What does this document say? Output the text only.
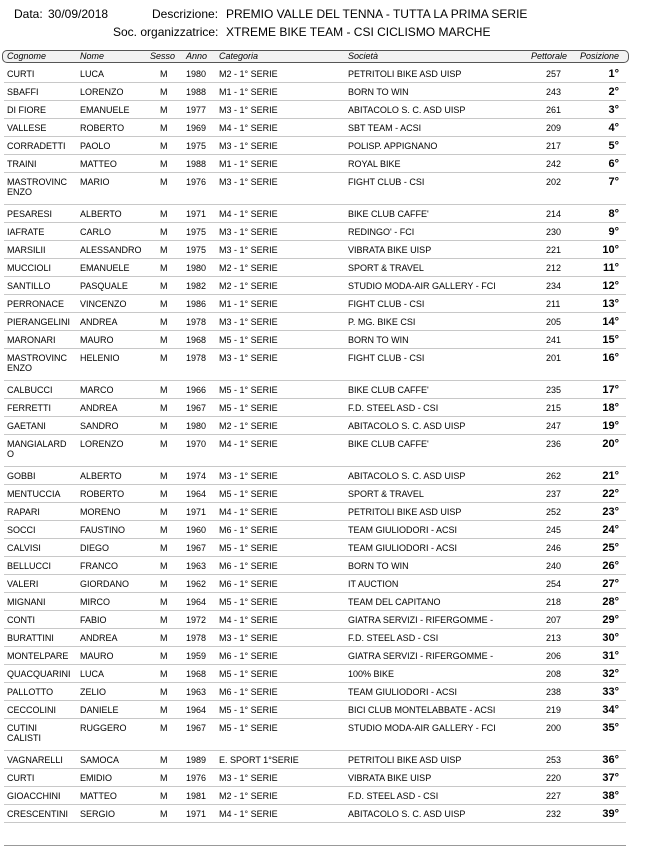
Data: 30/09/2018	Descrizione: PREMIO VALLE DEL TENNA - TUTTA LA PRIMA SERIE
Soc. organizzatrice: XTREME BIKE TEAM - CSI CICLISMO MARCHE
Cognome	Nome	Sesso Anno Categoria	Società	Pettorale Posizione
CURTI	LUCA	M 1980 M2 - 1° SERIE	PETRITOLI BIKE ASD UISP	257	1°
SBAFFI	LORENZO	M 1988 M1 - 1° SERIE	BORN TO WIN	243	2°
DI FIORE	EMANUELE	M 1977 M3 - 1° SERIE	ABITACOLO S. C. ASD UISP	261	3°
VALLESE	ROBERTO	M 1969 M4 - 1° SERIE	SBT TEAM - ACSI	209	4°
CORRADETTI PAOLO	M 1975 M3 - 1° SERIE	POLISP. APPIGNANO	217	5°
TRAINI	MATTEO	M 1988 M1 - 1° SERIE	ROYAL BIKE	242	6°
MASTROVINC MARIO	M 1976 M3 - 1° SERIE	FIGHT CLUB - CSI	202	7°
ENZO
PESARESI	ALBERTO	M 1971 M4 - 1° SERIE	BIKE CLUB CAFFE'	214	8°
IAFRATE	CARLO	M 1975 M3 - 1° SERIE	REDINGO' - FCI	230	9°
MARSILII	ALESSANDRO M 1975 M3 - 1° SERIE	VIBRATA BIKE UISP	221	10°
MUCCIOLI	EMANUELE	M 1980 M2 - 1° SERIE	SPORT & TRAVEL	212	11°
SANTILLO	PASQUALE	M 1982 M2 - 1° SERIE	STUDIO MODA-AIR GALLERY - FCI	234	12°
PERRONACE VINCENZO	M 1986 M1 - 1° SERIE	FIGHT CLUB - CSI	211	13°
PIERANGELINI ANDREA	M 1978 M3 - 1° SERIE	P. MG. BIKE CSI	205	14°
MARONARI	MAURO	M 1968 M5 - 1° SERIE	BORN TO WIN	241	15°
MASTROVINC HELENIO	M 1978 M3 - 1° SERIE	FIGHT CLUB - CSI	201	16°
ENZO
CALBUCCI	MARCO	M 1966 M5 - 1° SERIE	BIKE CLUB CAFFE'	235	17°
FERRETTI	ANDREA	M 1967 M5 - 1° SERIE	F.D. STEEL ASD - CSI	215	18°
GAETANI	SANDRO	M 1980 M2 - 1° SERIE	ABITACOLO S. C. ASD UISP	247	19°
MANGIALARD LORENZO	M 1970 M4 - 1° SERIE	BIKE CLUB CAFFE'	236	20°
O
GOBBI	ALBERTO	M 1974 M3 - 1° SERIE	ABITACOLO S. C. ASD UISP	262	21°
MENTUCCIA ROBERTO	M 1964 M5 - 1° SERIE	SPORT & TRAVEL	237	22°
RAPARI	MORENO	M 1971 M4 - 1° SERIE	PETRITOLI BIKE ASD UISP	252	23°
SOCCI	FAUSTINO	M 1960 M6 - 1° SERIE	TEAM GIULIODORI - ACSI	245	24°
CALVISI	DIEGO	M 1967 M5 - 1° SERIE	TEAM GIULIODORI - ACSI	246	25°
BELLUCCI	FRANCO	M 1963 M6 - 1° SERIE	BORN TO WIN	240	26°
VALERI	GIORDANO	M 1962 M6 - 1° SERIE	IT AUCTION	254	27°
MIGNANI	MIRCO	M 1964 M5 - 1° SERIE	TEAM DEL CAPITANO	218	28°
CONTI	FABIO	M 1972 M4 - 1° SERIE	GIATRA SERVIZI - RIFERGOMME -	207	29°
BURATTINI	ANDREA	M 1978 M3 - 1° SERIE	F.D. STEEL ASD - CSI	213	30°
MONTELPARE MAURO	M 1959 M6 - 1° SERIE	GIATRA SERVIZI - RIFERGOMME -	206	31°
QUACQUARINI LUCA	M 1968 M5 - 1° SERIE	100% BIKE	208	32°
PALLOTTO	ZELIO	M 1963 M6 - 1° SERIE	TEAM GIULIODORI - ACSI	238	33°
CECCOLINI	DANIELE	M 1964 M5 - 1° SERIE	BICI CLUB MONTELABBATE - ACSI	219	34°
CUTINI	RUGGERO	M 1967 M5 - 1° SERIE	STUDIO MODA-AIR GALLERY - FCI	200	35°
CALISTI
VAGNARELLI SAMOCA	M 1989 E. SPORT 1°SERIE	PETRITOLI BIKE ASD UISP	253	36°
CURTI	EMIDIO	M 1976 M3 - 1° SERIE	VIBRATA BIKE UISP	220	37°
GIOACCHINI MATTEO	M 1981 M2 - 1° SERIE	F.D. STEEL ASD - CSI	227	38°
CRESCENTINI SERGIO	M 1971 M4 - 1° SERIE	ABITACOLO S. C. ASD UISP	232	39°
